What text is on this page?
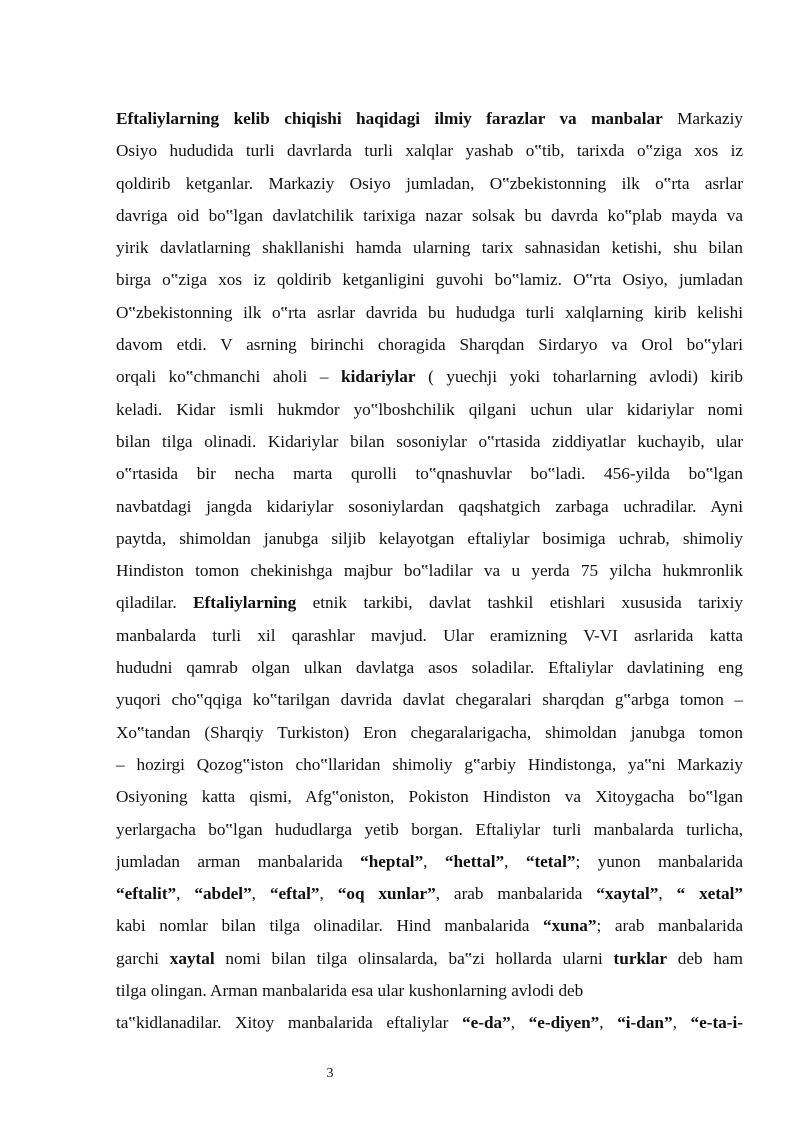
Eftaliylarning kelib chiqishi haqidagi ilmiy farazlar va manbalar Markaziy
Osiyo hududida turli davrlarda turli xalqlar yashab o‟tib, tarixda o‟ziga xos iz
qoldirib ketganlar. Markaziy Osiyo jumladan, O‟zbekistonning ilk o‟rta asrlar
davriga oid bo‟lgan davlatchilik tarixiga nazar solsak bu davrda ko‟plab mayda va
yirik davlatlarning shakllanishi hamda ularning tarix sahnasidan ketishi, shu bilan
birga o‟ziga xos iz qoldirib ketganligini guvohi bo‟lamiz. O‟rta Osiyo, jumladan
O‟zbekistonning ilk o‟rta asrlar davrida bu hududga turli xalqlarning kirib kelishi
davom etdi. V asrning birinchi choragida Sharqdan Sirdaryo va Orol bo‟ylari
orqali ko‟chmanchi aholi – kidariylar ( yuechji yoki toharlarning avlodi) kirib
keladi. Kidar ismli hukmdor yo‟lboshchilik qilgani uchun ular kidariylar nomi
bilan tilga olinadi. Kidariylar bilan sosoniylar o‟rtasida ziddiyatlar kuchayib, ular
o‟rtasida bir necha marta qurolli to‟qnashuvlar bo‟ladi. 456-yilda bo‟lgan
navbatdagi jangda kidariylar sosoniylardan qaqshatgich zarbaga uchradilar. Ayni
paytda, shimoldan janubga siljib kelayotgan eftaliylar bosimiga uchrab, shimoliy
Hindiston tomon chekinishga majbur bo‟ladilar va u yerda 75 yilcha hukmronlik
qiladilar. Eftaliylarning etnik tarkibi, davlat tashkil etishlari xususida tarixiy
manbalarda turli xil qarashlar mavjud. Ular eramizning V-VI asrlarida katta
hududni qamrab olgan ulkan davlatga asos soladilar. Eftaliylar davlatining eng
yuqori cho‟qqiga ko‟tarilgan davrida davlat chegaralari sharqdan g‟arbga tomon –
Xo‟tandan (Sharqiy Turkiston) Eron chegaralarigacha, shimoldan janubga tomon
– hozirgi Qozog‟iston cho‟llaridan shimoliy g‟arbiy Hindistonga, ya‟ni Markaziy
Osiyoning katta qismi, Afg‟oniston, Pokiston Hindiston va Xitoygacha bo‟lgan
yerlargacha bo‟lgan hududlarga yetib borgan. Eftaliylar turli manbalarda turlicha,
jumladan arman manbalarida “heptal”, “hettal”, “tetal”; yunon manbalarida
“eftalit”, “abdel”, “eftal”, “oq xunlar”, arab manbalarida “xaytal”, “ xetal”
kabi nomlar bilan tilga olinadilar. Hind manbalarida “xuna”; arab manbalarida
garchi xaytal nomi bilan tilga olinsalarda, ba‟zi hollarda ularni turklar deb ham
tilga olingan. Arman manbalarida esa ular kushonlarning avlodi deb
ta‟kidlanadilar. Xitoy manbalarida eftaliylar “e-da”, “e-diyen”, “i-dan”, “e-ta-i-
3
